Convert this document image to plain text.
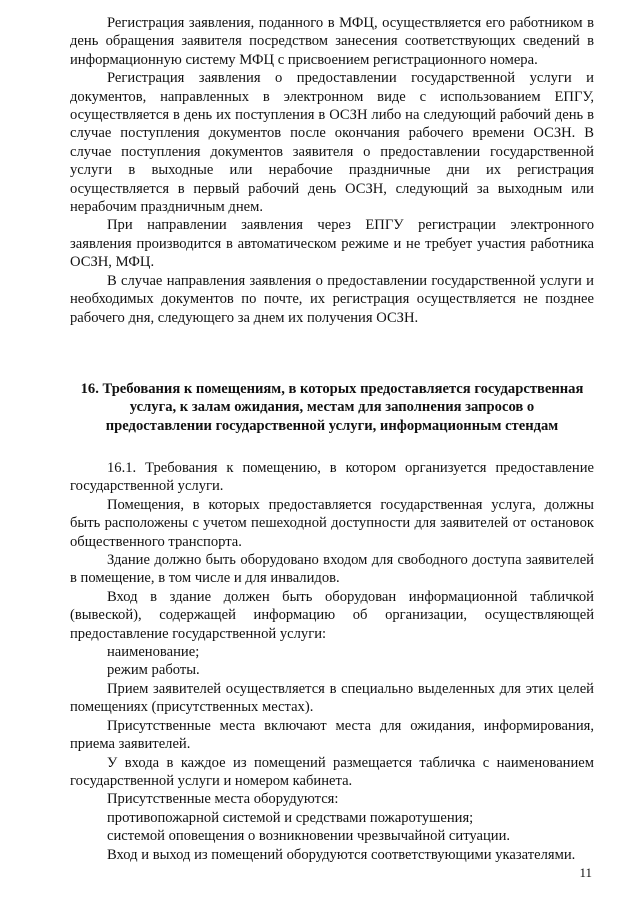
Регистрация заявления, поданного в МФЦ, осуществляется его работником в день обращения заявителя посредством занесения соответствующих сведений в информационную систему МФЦ с присвоением регистрационного номера.

Регистрация заявления о предоставлении государственной услуги и документов, направленных в электронном виде с использованием ЕПГУ, осуществляется в день их поступления в ОСЗН либо на следующий рабочий день в случае поступления документов после окончания рабочего времени ОСЗН. В случае поступления документов заявителя о предоставлении государственной услуги в выходные или нерабочие праздничные дни их регистрация осуществляется в первый рабочий день ОСЗН, следующий за выходным или нерабочим праздничным днем.

При направлении заявления через ЕПГУ регистрации электронного заявления производится в автоматическом режиме и не требует участия работника ОСЗН, МФЦ.

В случае направления заявления о предоставлении государственной услуги и необходимых документов по почте, их регистрация осуществляется не позднее рабочего дня, следующего за днем их получения ОСЗН.

16. Требования к помещениям, в которых предоставляется государственная услуга, к залам ожидания, местам для заполнения запросов о предоставлении государственной услуги, информационным стендам

16.1. Требования к помещению, в котором организуется предоставление государственной услуги.

Помещения, в которых предоставляется государственная услуга, должны быть расположены с учетом пешеходной доступности для заявителей от остановок общественного транспорта.

Здание должно быть оборудовано входом для свободного доступа заявителей в помещение, в том числе и для инвалидов.

Вход в здание должен быть оборудован информационной табличкой (вывеской), содержащей информацию об организации, осуществляющей предоставление государственной услуги:

наименование;

режим работы.

Прием заявителей осуществляется в специально выделенных для этих целей помещениях (присутственных местах).

Присутственные места включают места для ожидания, информирования, приема заявителей.

У входа в каждое из помещений размещается табличка с наименованием государственной услуги и номером кабинета.

Присутственные места оборудуются:

противопожарной системой и средствами пожаротушения;

системой оповещения о возникновении чрезвычайной ситуации.

Вход и выход из помещений оборудуются соответствующими указателями.

11
